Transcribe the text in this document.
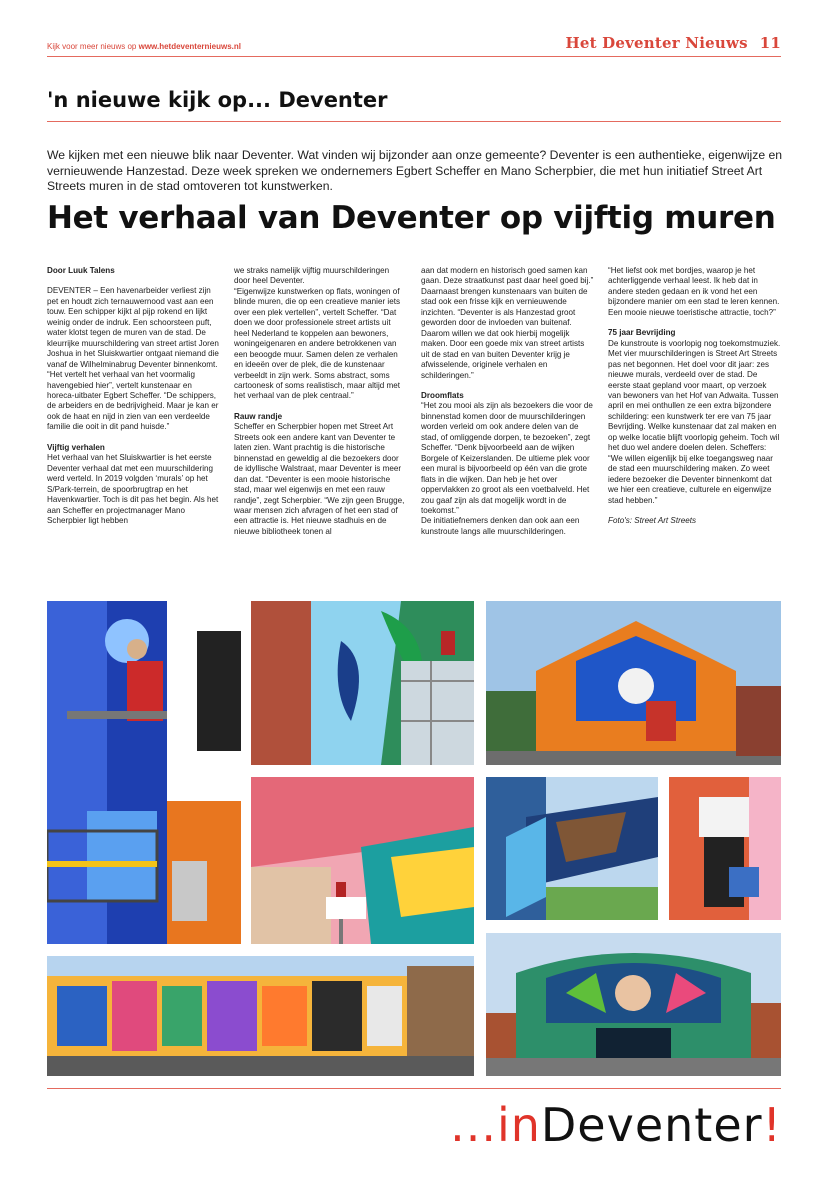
Kijk voor meer nieuws op www.hetdeventernieuws.nl	Het Deventer Nieuws 11
'n nieuwe kijk op... Deventer
We kijken met een nieuwe blik naar Deventer. Wat vinden wij bijzonder aan onze gemeente? Deventer is een authentieke, eigenwijze en vernieuwende Hanzestad. Deze week spreken we ondernemers Egbert Scheffer en Mano Scherpbier, die met hun initiatief Street Art Streets muren in de stad omtoveren tot kunstwerken.
Het verhaal van Deventer op vijftig muren

Door Luuk Talens

DEVENTER – Een havenarbeider verliest zijn pet en houdt zich ternauwernood vast aan een touw. Een schipper kijkt al pijp rokend en lijkt weinig onder de indruk. Een schoorsteen puft, water klotst tegen de muren van de stad. De kleurrijke muurschildering van street artist Joren Joshua in het Sluiskwartier ontgaat niemand die vanaf de Wilhelminabrug Deventer binnenkomt.

“Het vertelt het verhaal van het voormalig havengebied hier”, vertelt kunstenaar en horeca-uitbater Egbert Scheffer. “De schippers, de arbeiders en de bedrijvigheid. Maar je kan er ook de haat en nijd in zien van een verdeelde familie die ooit in dit pand huisde.”

Vijftig verhalen

Het verhaal van het Sluiskwartier is het eerste Deventer verhaal dat met een muurschildering werd verteld. In 2019 volgden ‘murals’ op het S/Park-terrein, de spoorbrugtrap en het Havenkwartier. Toch is dit pas het begin. Als het aan Scheffer en projectmanager Mano Scherpbier ligt hebben

we straks namelijk vijftig muurschilderingen door heel Deventer.

“Eigenwijze kunstwerken op flats, woningen of blinde muren, die op een creatieve manier iets over een plek vertellen”, vertelt Scheffer. “Dat doen we door professionele street artists uit heel Nederland te koppelen aan bewoners, woningeigenaren en andere betrokkenen van een beoogde muur. Samen delen ze verhalen en ideeën over de plek, die de kunstenaar verbeeldt in zijn werk. Soms abstract, soms cartoonesk of soms realistisch, maar altijd met het verhaal van de plek centraal.”

Rauw randje

Scheffer en Scherpbier hopen met Street Art Streets ook een andere kant van Deventer te laten zien. Want prachtig is die historische binnenstad en geweldig al die bezoekers door de idyllische Walstraat, maar Deventer is meer dan dat. “Deventer is een mooie historische stad, maar wel eigenwijs en met een rauw randje”, zegt Scherpbier. “We zijn geen Brugge, waar mensen zich afvragen of het een stad of een attractie is. Het nieuwe stadhuis en de nieuwe bibliotheek tonen al

aan dat modern en historisch goed samen kan gaan. Deze straatkunst past daar heel goed bij.”

Daarnaast brengen kunstenaars van buiten de stad ook een frisse kijk en vernieuwende inzichten. “Deventer is als Hanzestad groot geworden door de invloeden van buitenaf. Daarom willen we dat ook hierbij mogelijk maken. Door een goede mix van street artists uit de stad en van buiten Deventer krijg je afwisselende, originele verhalen en schilderingen.”

Droomflats

“Het zou mooi als zijn als bezoekers die voor de binnenstad komen door de muurschilderingen worden verleid om ook andere delen van de stad, of omliggende dorpen, te bezoeken”, zegt Scheffer. “Denk bijvoorbeeld aan de wijken Borgele of Keizerslanden. De ultieme plek voor een mural is bijvoorbeeld op één van die grote flats in die wijken. Dan heb je het over oppervlakken zo groot als een voetbalveld. Het zou gaaf zijn als dat mogelijk wordt in de toekomst.”

De initiatiefnemers denken dan ook aan een kunstroute langs alle muurschilderingen.

“Het liefst ook met bordjes, waarop je het achterliggende verhaal leest. Ik heb dat in andere steden gedaan en ik vond het een bijzondere manier om een stad te leren kennen. Een mooie nieuwe toeristische attractie, toch?”

75 jaar Bevrijding

De kunstroute is voorlopig nog toekomstmuziek. Met vier muurschilderingen is Street Art Streets pas net begonnen. Het doel voor dit jaar: zes nieuwe murals, verdeeld over de stad. De eerste staat gepland voor maart, op verzoek van bewoners van het Hof van Adwaita. Tussen april en mei onthullen ze een extra bijzondere schildering: een kunstwerk ter ere van 75 jaar Bevrijding. Welke kunstenaar dat zal maken en op welke locatie blijft voorlopig geheim. Toch wil het duo wel andere doelen delen. Scheffers: “We willen eigenlijk bij elke toegangsweg naar de stad een muurschildering maken. Zo weet iedere bezoeker die Deventer binnenkomt dat we hier een creatieve, culturele en eigenwijze stad hebben.”

Foto's: Street Art Streets

...inDeventer!
